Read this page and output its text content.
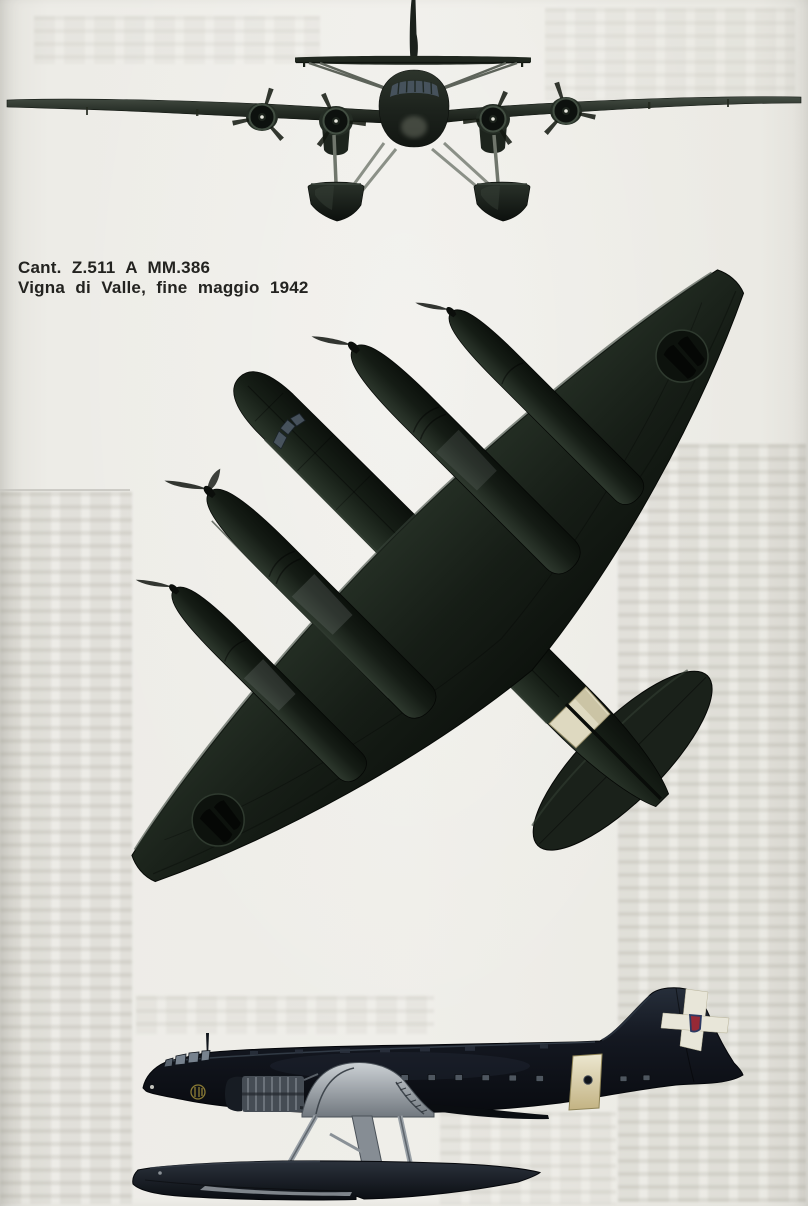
Cant. Z.511 A MM.386
Vigna di Valle, fine maggio 1942
